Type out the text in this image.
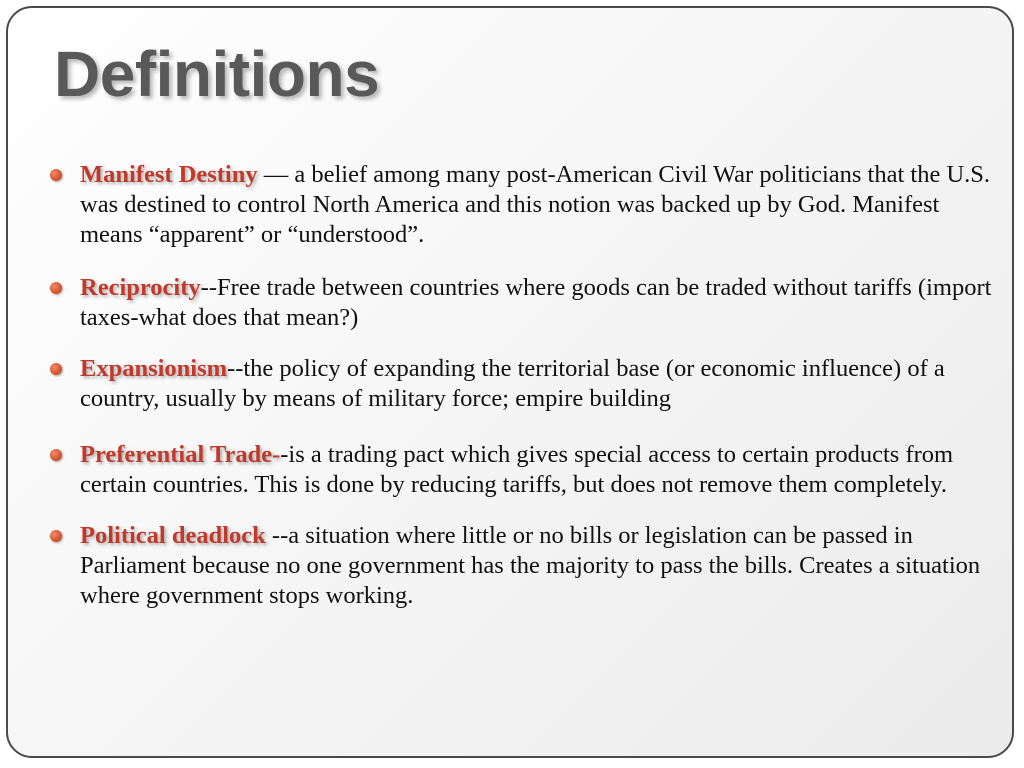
Definitions
Manifest Destiny — a belief among many post-American Civil War politicians that the U.S. was destined to control North America and this notion was backed up by God. Manifest means “apparent” or “understood”.
Reciprocity--Free trade between countries where goods can be traded without tariffs (import taxes-what does that mean?)
Expansionism--the policy of expanding the territorial base (or economic influence) of a country, usually by means of military force; empire building
Preferential Trade--is a trading pact which gives special access to certain products from certain countries. This is done by reducing tariffs, but does not remove them completely.
Political deadlock --a situation where little or no bills or legislation can be passed in Parliament because no one government has the majority to pass the bills. Creates a situation where government stops working.
